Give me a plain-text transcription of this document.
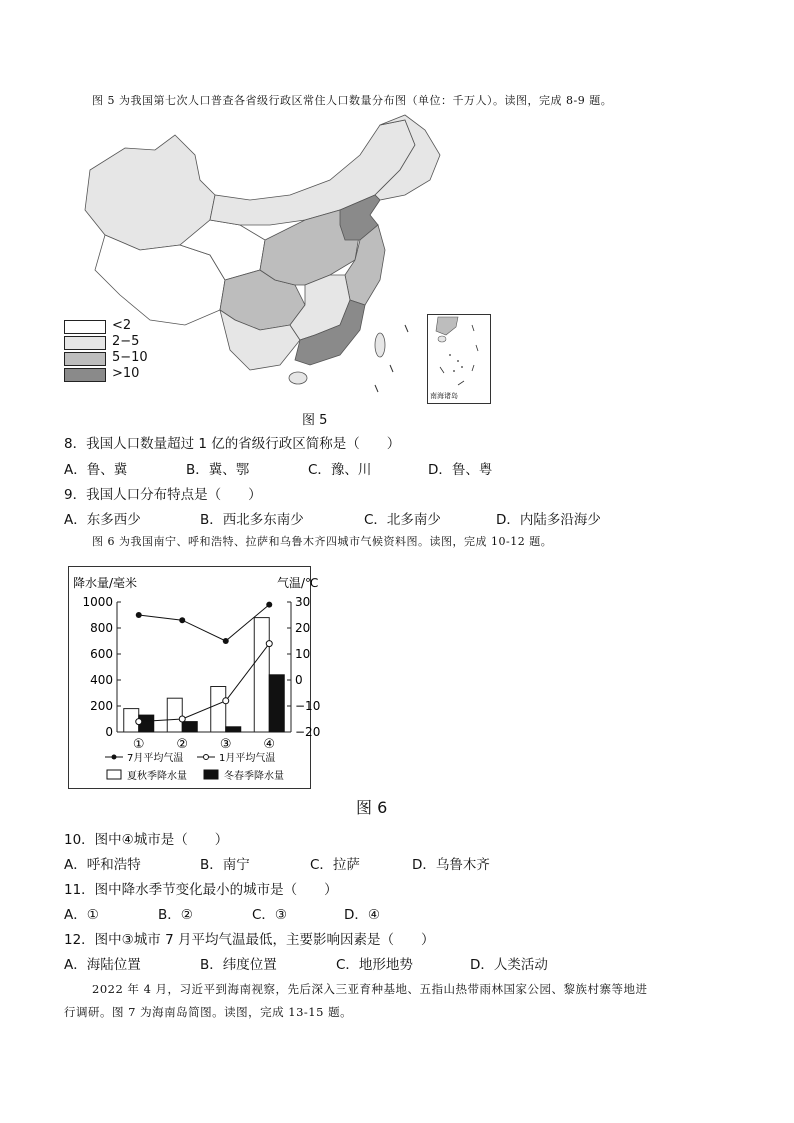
图 5 为我国第七次人口普查各省级行政区常住人口数量分布图（单位：千万人）。读图，完成 8-9 题。
<2
2−5
5−10
>10
南海诸岛
图 5
8．我国人口数量超过 1 亿的省级行政区简称是（　　）
A．鲁、冀	B．冀、鄂	C．豫、川	D．鲁、粤
9．我国人口分布特点是（　　）
A．东多西少	B．西北多东南少	C．北多南少	D．内陆多沿海少
图 6 为我国南宁、呼和浩特、拉萨和乌鲁木齐四城市气候资料图。读图，完成 10-12 题。
降水量/毫米	气温/℃
0
200
400
600
800
1000
−20
−10
0
10
20
30
① ② ③ ④
7月平均气温	1月平均气温
夏秋季降水量	冬春季降水量
图 6
10．图中④城市是（　　）
A．呼和浩特	B．南宁	C．拉萨	D．乌鲁木齐
11．图中降水季节变化最小的城市是（　　）
A．①	B．②	C．③	D．④
12．图中③城市 7 月平均气温最低，主要影响因素是（　　）
A．海陆位置	B．纬度位置	C．地形地势	D．人类活动
2022 年 4 月，习近平到海南视察，先后深入三亚育种基地、五指山热带雨林国家公园、黎族村寨等地进
行调研。图 7 为海南岛简图。读图，完成 13-15 题。
